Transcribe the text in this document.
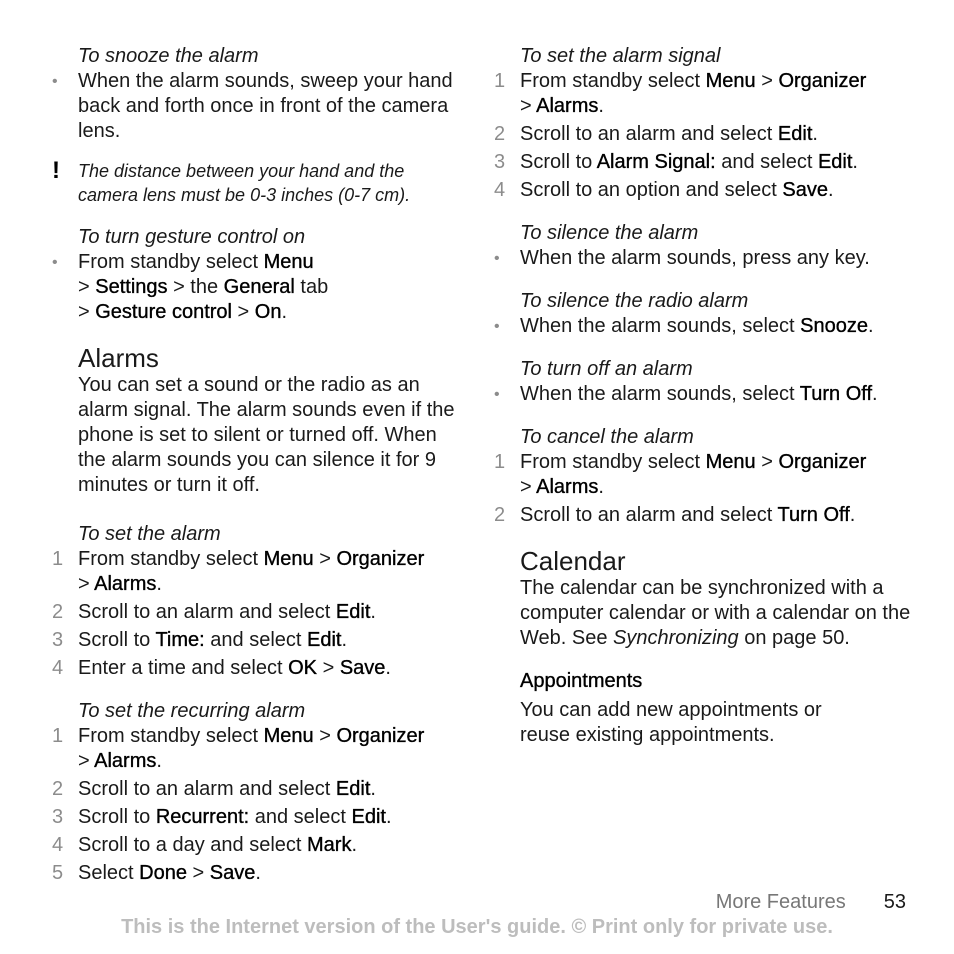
To snooze the alarm
•	When the alarm sounds, sweep your hand back and forth once in front of the camera lens.
!	The distance between your hand and the camera lens must be 0-3 inches (0-7 cm).
To turn gesture control on
•	From standby select Menu
> Settings > the General tab
> Gesture control > On.
Alarms

You can set a sound or the radio as an alarm signal. The alarm sounds even if the phone is set to silent or turned off. When the alarm sounds you can silence it for 9 minutes or turn it off.

To set the alarm
1 From standby select Menu > Organizer
> Alarms.
2 Scroll to an alarm and select Edit.
3 Scroll to Time: and select Edit.
4 Enter a time and select OK > Save.
To set the recurring alarm
1 From standby select Menu > Organizer
> Alarms.
2 Scroll to an alarm and select Edit.
3 Scroll to Recurrent: and select Edit.
4 Scroll to a day and select Mark.
5 Select Done > Save.
To set the alarm signal
1 From standby select Menu > Organizer
> Alarms.
2 Scroll to an alarm and select Edit.
3 Scroll to Alarm Signal: and select Edit.
4 Scroll to an option and select Save.
To silence the alarm
•	When the alarm sounds, press any key.
To silence the radio alarm
•	When the alarm sounds, select Snooze.
To turn off an alarm
•	When the alarm sounds, select Turn Off.
To cancel the alarm
1 From standby select Menu > Organizer
> Alarms.
2 Scroll to an alarm and select Turn Off.
Calendar

The calendar can be synchronized with a computer calendar or with a calendar on the Web. See Synchronizing on page 50.

Appointments

You can add new appointments or reuse existing appointments.

More Features 53
This is the Internet version of the User's guide. © Print only for private use.
